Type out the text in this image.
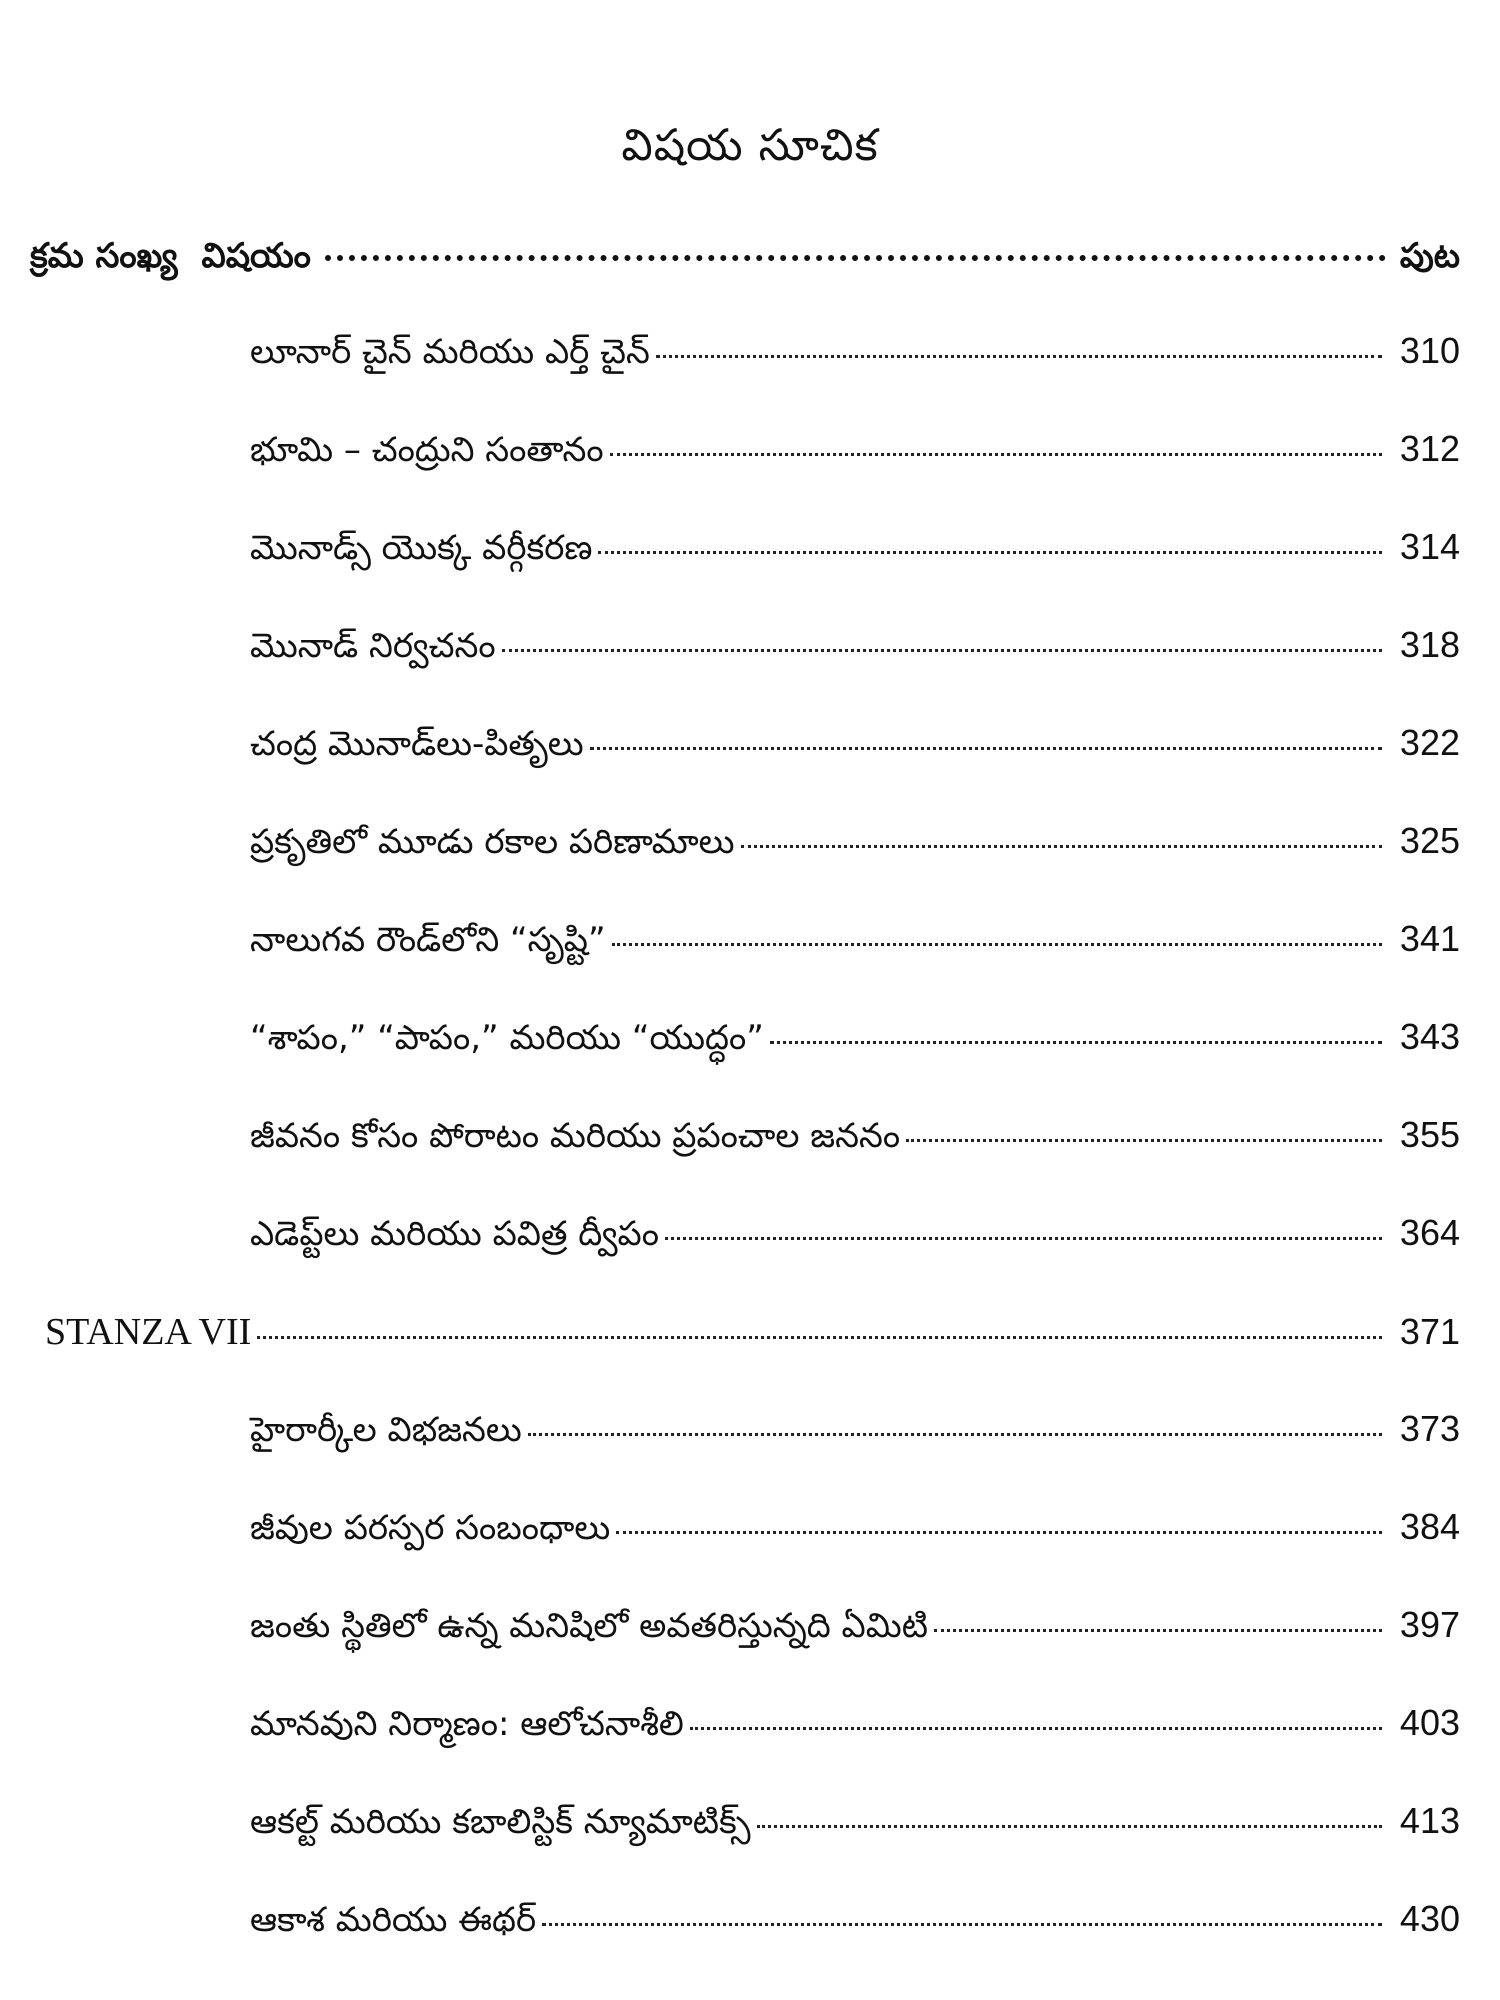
విషయ సూచిక
క్రమ సంఖ్య విషయం	పుట
లూనార్ చైన్ మరియు ఎర్త్ చైన్	310
భూమి – చంద్రుని సంతానం	312
మొనాడ్స్ యొక్క వర్గీకరణ	314
మొనాడ్ నిర్వచనం	318
చంద్ర మొనాడ్‌లు-పితృలు	322
ప్రకృతిలో మూడు రకాల పరిణామాలు	325
నాలుగవ రౌండ్‌లోని “సృష్టి”	341
“శాపం,” “పాపం,” మరియు “యుద్ధం”	343
జీవనం కోసం పోరాటం మరియు ప్రపంచాల జననం	355
ఎడెప్ట్‌లు మరియు పవిత్ర ద్వీపం	364
STANZA VII	371
హైరార్కీల విభజనలు	373
జీవుల పరస్పర సంబంధాలు	384
జంతు స్థితిలో ఉన్న మనిషిలో అవతరిస్తున్నది ఏమిటి	397
మానవుని నిర్మాణం: ఆలోచనాశీలి	403
ఆకల్ట్ మరియు కబాలిస్టిక్ న్యూమాటిక్స్	413
ఆకాశ మరియు ఈథర్	430
